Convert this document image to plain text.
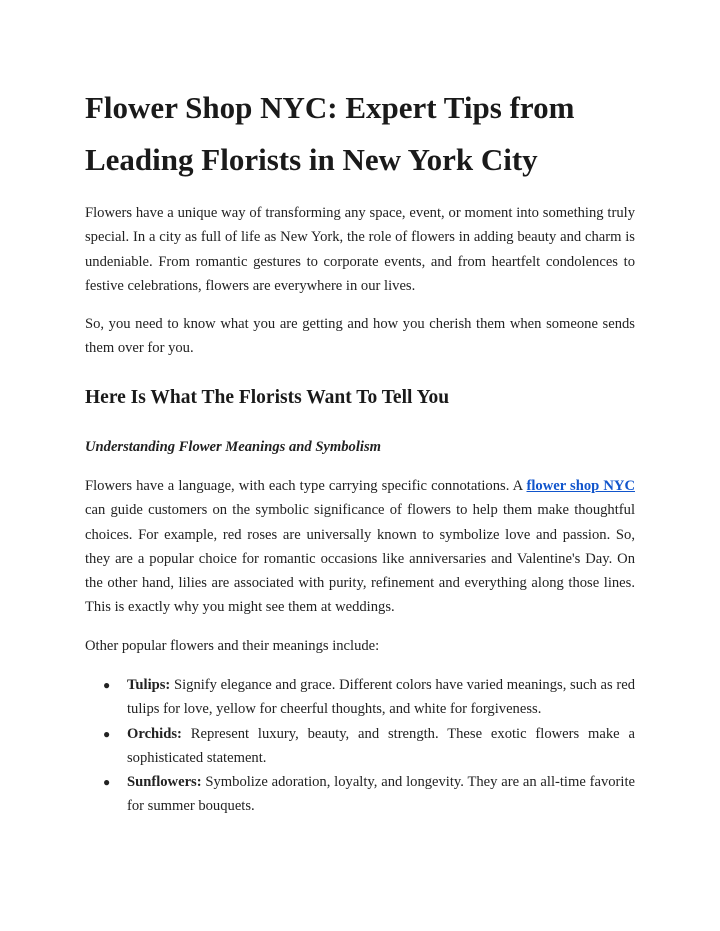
Flower Shop NYC: Expert Tips from Leading Florists in New York City

Flowers have a unique way of transforming any space, event, or moment into something truly special. In a city as full of life as New York, the role of flowers in adding beauty and charm is undeniable. From romantic gestures to corporate events, and from heartfelt condolences to festive celebrations, flowers are everywhere in our lives.

So, you need to know what you are getting and how you cherish them when someone sends them over for you.

Here Is What The Florists Want To Tell You
Understanding Flower Meanings and Symbolism

Flowers have a language, with each type carrying specific connotations. A flower shop NYC can guide customers on the symbolic significance of flowers to help them make thoughtful choices. For example, red roses are universally known to symbolize love and passion. So, they are a popular choice for romantic occasions like anniversaries and Valentine's Day. On the other hand, lilies are associated with purity, refinement and everything along those lines. This is exactly why you might see them at weddings.

Other popular flowers and their meanings include:

● Tulips: Signify elegance and grace. Different colors have varied meanings, such as red tulips for love, yellow for cheerful thoughts, and white for forgiveness.
● Orchids: Represent luxury, beauty, and strength. These exotic flowers make a sophisticated statement.
● Sunflowers: Symbolize adoration, loyalty, and longevity. They are an all-time favorite for summer bouquets.
